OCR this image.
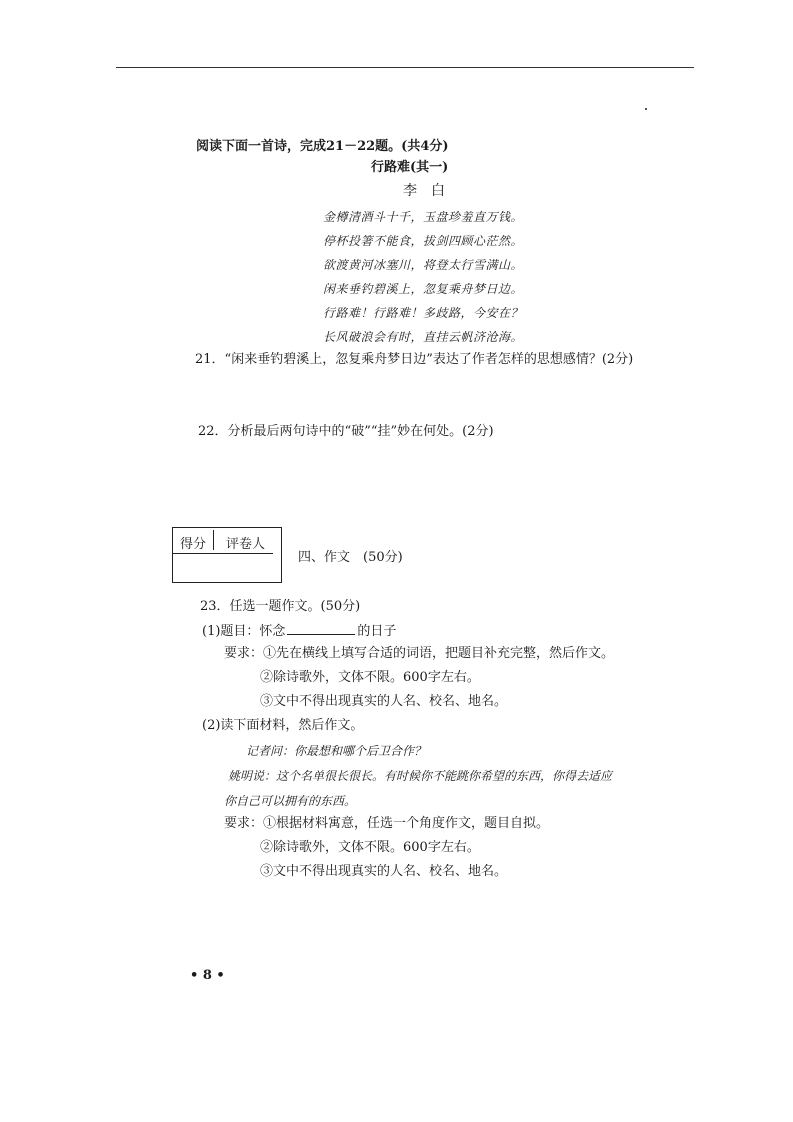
阅读下面一首诗，完成21－22题。(共4分)
行路难(其一)
李　白
金樽清酒斗十千，玉盘珍羞直万钱。
停杯投箸不能食，拔剑四顾心茫然。
欲渡黄河冰塞川，将登太行雪满山。
闲来垂钓碧溪上，忽复乘舟梦日边。
行路难！行路难！多歧路，今安在？
长风破浪会有时，直挂云帆济沧海。
21．“闲来垂钓碧溪上，忽复乘舟梦日边”表达了作者怎样的思想感情？(2分)
22．分析最后两句诗中的“破”“挂”妙在何处。(2分)
得分 评卷人
四、作文　(50分)
23．任选一题作文。(50分)
(1)题目：怀念	的日子
要求：①先在横线上填写合适的词语，把题目补充完整，然后作文。
②除诗歌外，文体不限。600字左右。
③文中不得出现真实的人名、校名、地名。
(2)读下面材料，然后作文。
记者问：你最想和哪个后卫合作？
姚明说：这个名单很长很长。有时候你不能跳你希望的东西，你得去适应
你自己可以拥有的东西。
要求：①根据材料寓意，任选一个角度作文，题目自拟。
②除诗歌外，文体不限。600字左右。
③文中不得出现真实的人名、校名、地名。
• 8 •
